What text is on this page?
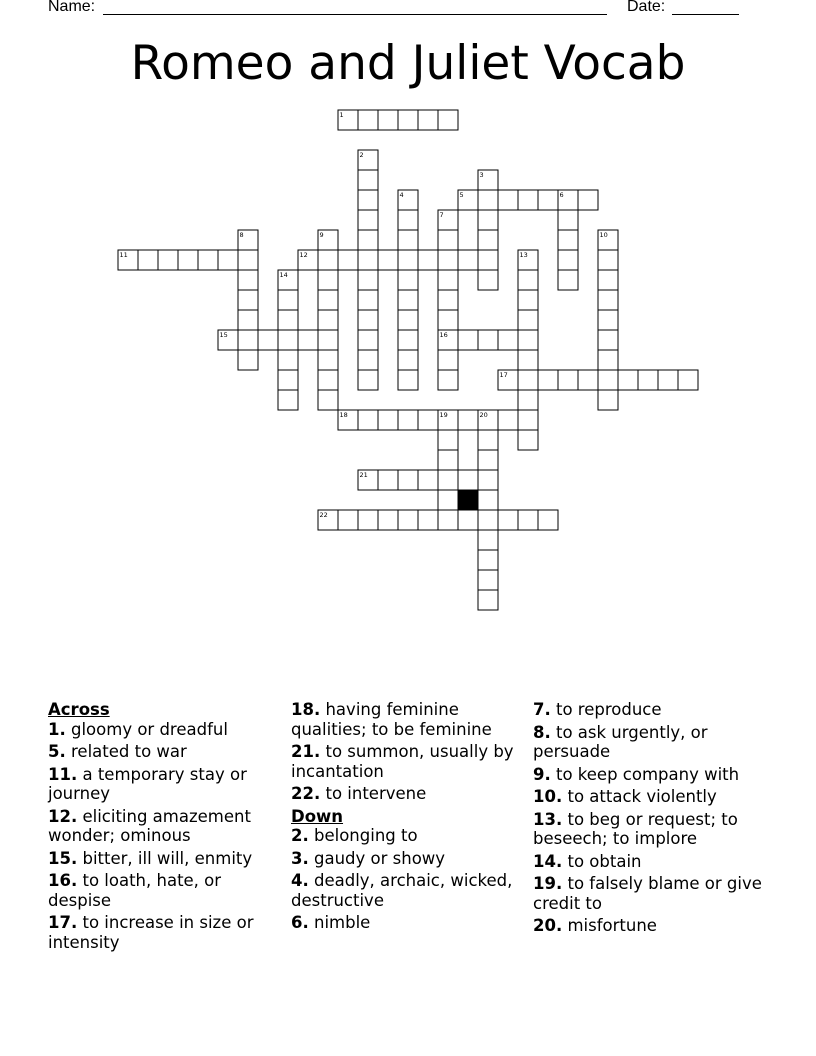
Name:	Date:
Romeo and Juliet Vocab
1
2
3
4	5	6
7
8	9	10
11	12	13
14
15	16
17
18	19	20
21
22
Across
1. gloomy or dreadful
5. related to war
11. a temporary stay or journey
12. eliciting amazement wonder; ominous
15. bitter, ill will, enmity
16. to loath, hate, or despise
17. to increase in size or intensity
18. having feminine qualities; to be feminine
21. to summon, usually by incantation
22. to intervene
Down
2. belonging to
3. gaudy or showy
4. deadly, archaic, wicked, destructive
6. nimble
7. to reproduce
8. to ask urgently, or persuade
9. to keep company with
10. to attack violently
13. to beg or request; to beseech; to implore
14. to obtain
19. to falsely blame or give credit to
20. misfortune
